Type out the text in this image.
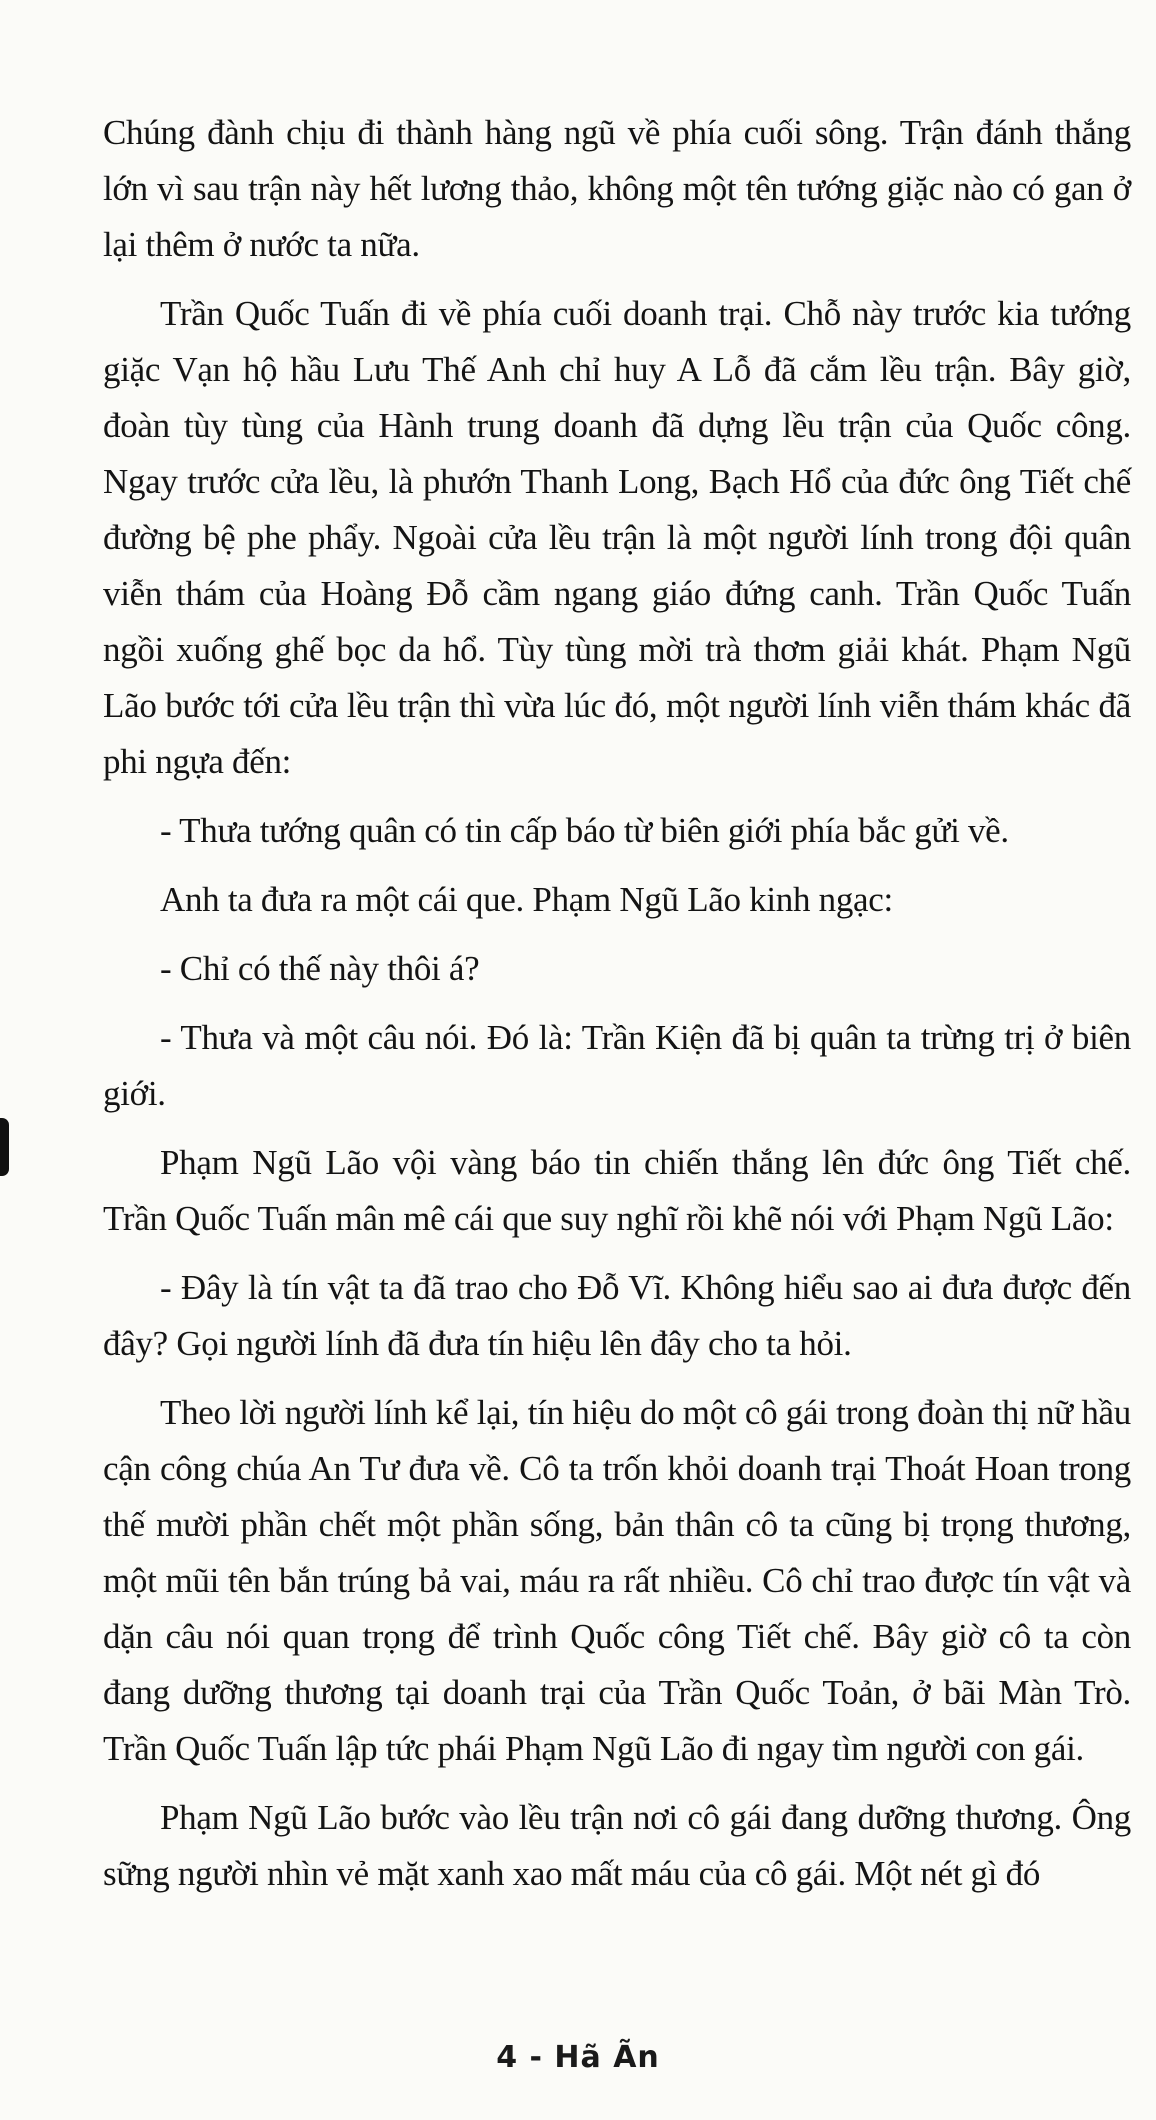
Chúng đành chịu đi thành hàng ngũ về phía cuối sông. Trận đánh thắng lớn vì sau trận này hết lương thảo, không một tên tướng giặc nào có gan ở lại thêm ở nước ta nữa.

Trần Quốc Tuấn đi về phía cuối doanh trại. Chỗ này trước kia tướng giặc Vạn hộ hầu Lưu Thế Anh chỉ huy A Lỗ đã cắm lều trận. Bây giờ, đoàn tùy tùng của Hành trung doanh đã dựng lều trận của Quốc công. Ngay trước cửa lều, là phướn Thanh Long, Bạch Hổ của đức ông Tiết chế đường bệ phe phẩy. Ngoài cửa lều trận là một người lính trong đội quân viễn thám của Hoàng Đỗ cầm ngang giáo đứng canh. Trần Quốc Tuấn ngồi xuống ghế bọc da hổ. Tùy tùng mời trà thơm giải khát. Phạm Ngũ Lão bước tới cửa lều trận thì vừa lúc đó, một người lính viễn thám khác đã phi ngựa đến:

- Thưa tướng quân có tin cấp báo từ biên giới phía bắc gửi về.

Anh ta đưa ra một cái que. Phạm Ngũ Lão kinh ngạc:

- Chỉ có thế này thôi á?

- Thưa và một câu nói. Đó là: Trần Kiện đã bị quân ta trừng trị ở biên giới.

Phạm Ngũ Lão vội vàng báo tin chiến thắng lên đức ông Tiết chế. Trần Quốc Tuấn mân mê cái que suy nghĩ rồi khẽ nói với Phạm Ngũ Lão:

- Đây là tín vật ta đã trao cho Đỗ Vĩ. Không hiểu sao ai đưa được đến đây? Gọi người lính đã đưa tín hiệu lên đây cho ta hỏi.

Theo lời người lính kể lại, tín hiệu do một cô gái trong đoàn thị nữ hầu cận công chúa An Tư đưa về. Cô ta trốn khỏi doanh trại Thoát Hoan trong thế mười phần chết một phần sống, bản thân cô ta cũng bị trọng thương, một mũi tên bắn trúng bả vai, máu ra rất nhiều. Cô chỉ trao được tín vật và dặn câu nói quan trọng để trình Quốc công Tiết chế. Bây giờ cô ta còn đang dưỡng thương tại doanh trại của Trần Quốc Toản, ở bãi Màn Trò. Trần Quốc Tuấn lập tức phái Phạm Ngũ Lão đi ngay tìm người con gái.

Phạm Ngũ Lão bước vào lều trận nơi cô gái đang dưỡng thương. Ông sững người nhìn vẻ mặt xanh xao mất máu của cô gái. Một nét gì đó

4 - Hã Ãn
